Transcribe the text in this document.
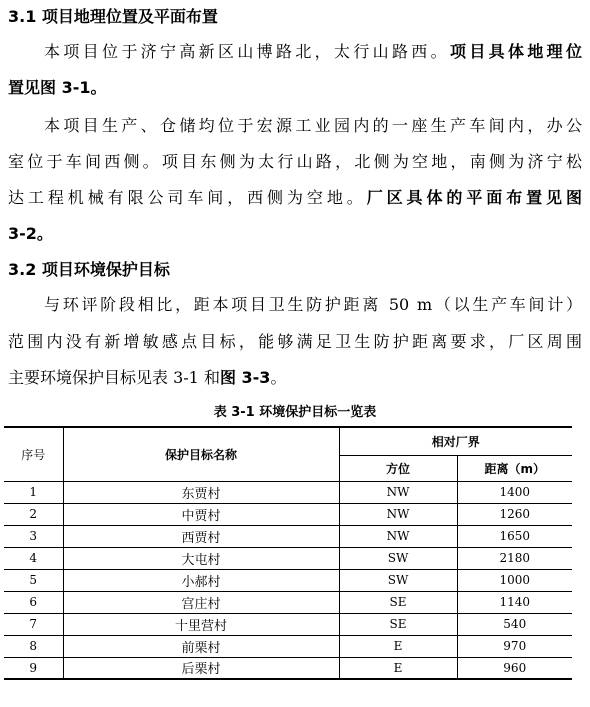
3.1 项目地理位置及平面布置
本项目位于济宁高新区山博路北，太行山路西。项目具体地理位
置见图 3-1。
本项目生产、仓储均位于宏源工业园内的一座生产车间内，办公
室位于车间西侧。项目东侧为太行山路，北侧为空地，南侧为济宁松
达工程机械有限公司车间，西侧为空地。厂区具体的平面布置见图
3-2。
3.2 项目环境保护目标
与环评阶段相比，距本项目卫生防护距离 50 m（以生产车间计）
范围内没有新增敏感点目标，能够满足卫生防护距离要求，厂区周围
主要环境保护目标见表 3-1 和图 3-3。
表 3-1 环境保护目标一览表
序号	保护目标名称	相对厂界	
		方位	距离（m）
1	东贾村	NW	1400
2	中贾村	NW	1260
3	西贾村	NW	1650
4	大屯村	SW	2180
5	小郝村	SW	1000
6	宫庄村	SE	1140
7	十里营村	SE	540
8	前栗村	E	970
9	后栗村	E	960
